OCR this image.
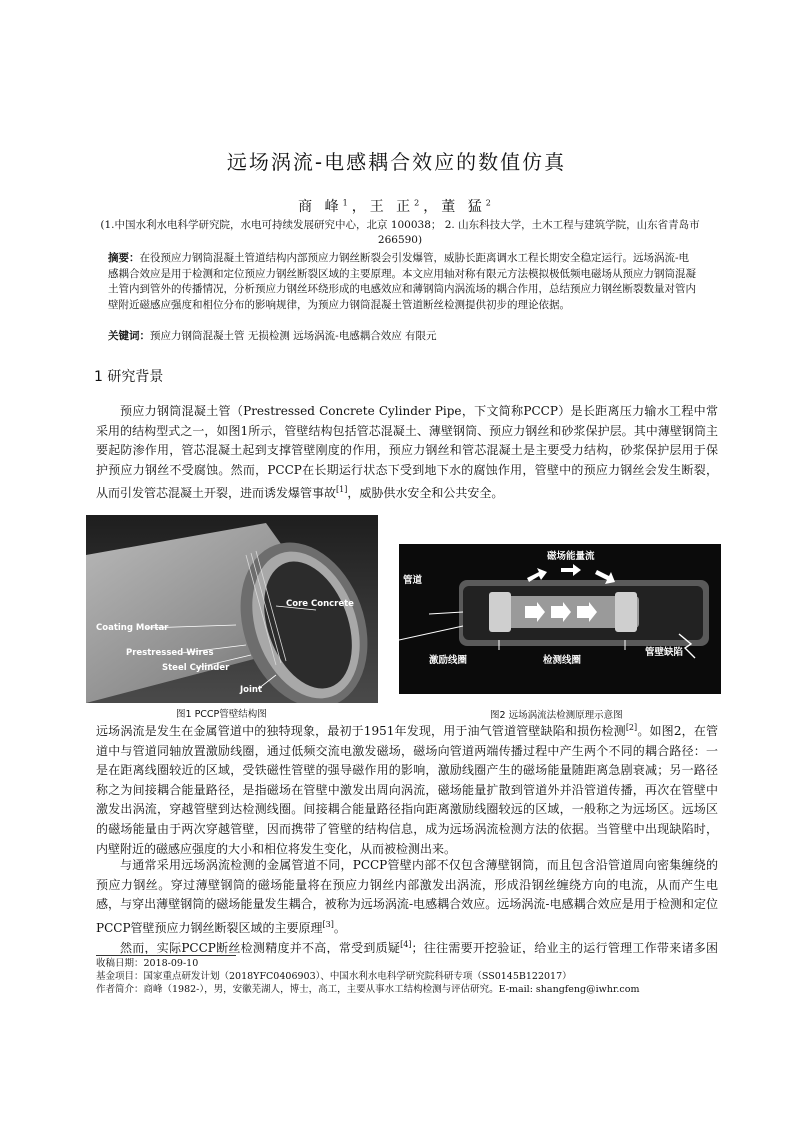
远场涡流-电感耦合效应的数值仿真
商 峰$^1$，王 正$^2$，董 猛$^2$
(1.中国水利水电科学研究院，水电可持续发展研究中心，北京 100038； 2. 山东科技大学，土木工程与建筑学院，山东省青岛市 266590)
摘要：在役预应力钢筒混凝土管道结构内部预应力钢丝断裂会引发爆管，威胁长距离调水工程长期安全稳定运行。远场涡流-电感耦合效应是用于检测和定位预应力钢丝断裂区域的主要原理。本文应用轴对称有限元方法模拟极低频电磁场从预应力钢筒混凝土管内到管外的传播情况，分析预应力钢丝环绕形成的电感效应和薄钢筒内涡流场的耦合作用，总结预应力钢丝断裂数量对管内壁附近磁感应强度和相位分布的影响规律，为预应力钢筒混凝土管道断丝检测提供初步的理论依据。
关键词：预应力钢筒混凝土管 无损检测 远场涡流-电感耦合效应 有限元
1 研究背景
预应力钢筒混凝土管（Prestressed Concrete Cylinder Pipe，下文简称PCCP）是长距离压力输水工程中常采用的结构型式之一，如图1所示，管壁结构包括管芯混凝土、薄壁钢筒、预应力钢丝和砂浆保护层。其中薄壁钢筒主要起防渗作用，管芯混凝土起到支撑管壁刚度的作用，预应力钢丝和管芯混凝土是主要受力结构，砂浆保护层用于保护预应力钢丝不受腐蚀。然而，PCCP在长期运行状态下受到地下水的腐蚀作用，管壁中的预应力钢丝会发生断裂，从而引发管芯混凝土开裂，进而诱发爆管事故[1]，威胁供水安全和公共安全。
Core Concrete
Coating Mortar
Prestressed Wires
Steel Cylinder
Joint
图1 PCCP管壁结构图
磁场能量流
管道
激励线圈	检测线圈
管壁缺陷
图2 远场涡流法检测原理示意图
远场涡流是发生在金属管道中的独特现象，最初于1951年发现，用于油气管道管壁缺陷和损伤检测[2]。如图2，在管道中与管道同轴放置激励线圈，通过低频交流电激发磁场，磁场向管道两端传播过程中产生两个不同的耦合路径：一是在距离线圈较近的区域，受铁磁性管壁的强导磁作用的影响，激励线圈产生的磁场能量随距离急剧衰减；另一路径称之为间接耦合能量路径，是指磁场在管壁中激发出周向涡流，磁场能量扩散到管道外并沿管道传播，再次在管壁中激发出涡流，穿越管壁到达检测线圈。间接耦合能量路径指向距离激励线圈较远的区域，一般称之为远场区。远场区的磁场能量由于两次穿越管壁，因而携带了管壁的结构信息，成为远场涡流检测方法的依据。当管壁中出现缺陷时，内壁附近的磁感应强度的大小和相位将发生变化，从而被检测出来。
与通常采用远场涡流检测的金属管道不同，PCCP管壁内部不仅包含薄壁钢筒，而且包含沿管道周向密集缠绕的预应力钢丝。穿过薄壁钢筒的磁场能量将在预应力钢丝内部激发出涡流，形成沿钢丝缠绕方向的电流，从而产生电感，与穿出薄壁钢筒的磁场能量发生耦合，被称为远场涡流-电感耦合效应。远场涡流-电感耦合效应是用于检测和定位PCCP管壁预应力钢丝断裂区域的主要原理[3]。
然而，实际PCCP断丝检测精度并不高，常受到质疑[4]；往往需要开挖验证，给业主的运行管理工作带来诸多困
收稿日期：2018-09-10
基金项目：国家重点研发计划（2018YFC0406903）、中国水利水电科学研究院科研专项（SS0145B122017）
作者简介：商峰（1982-），男，安徽芜湖人，博士，高工，主要从事水工结构检测与评估研究。E-mail: shangfeng@iwhr.com
